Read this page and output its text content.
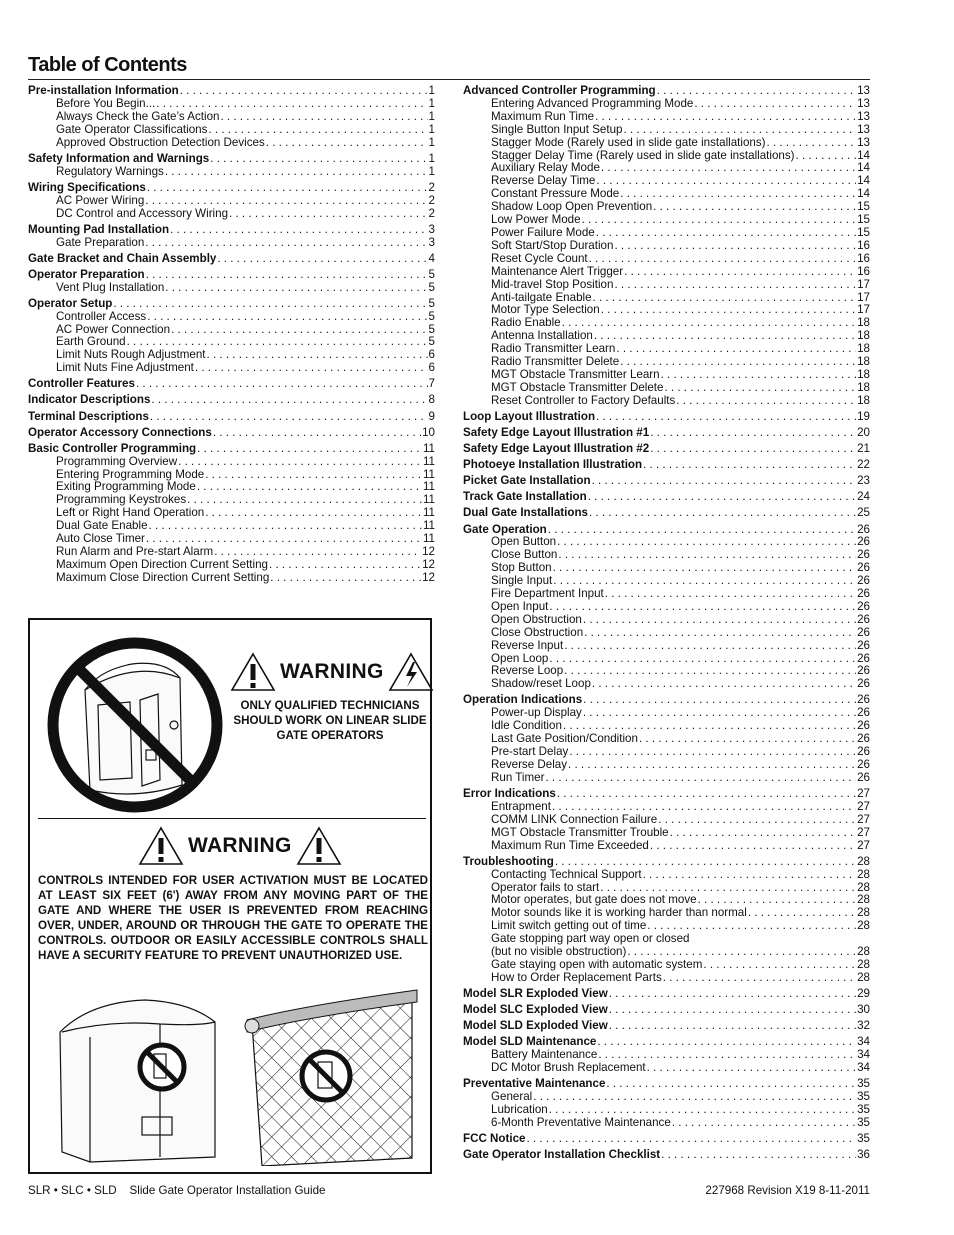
Table of Contents
Pre-installation Information . . .	1
Before You Begin... . . .	1
Always Check the Gate’s Action . . .	1
Gate Operator Classifications . . .	1
Approved Obstruction Detection Devices . . .	1
Safety Information and Warnings . . .	1
Regulatory Warnings . . .	1
Wiring Specifications . . .	2
AC Power Wiring . . .	2
DC Control and Accessory Wiring . . .	2
Mounting Pad Installation . . .	3
Gate Preparation . . .	3
Gate Bracket and Chain Assembly . . .	4
Operator Preparation . . .	5
Vent Plug Installation . . .	5
Operator Setup . . .	5
Controller Access . . .	5
AC Power Connection . . .	5
Earth Ground . . .	5
Limit Nuts Rough Adjustment . . .	6
Limit Nuts Fine Adjustment . . .	6
Controller Features . . .	7
Indicator Descriptions . . .	8
Terminal Descriptions . . .	9
Operator Accessory Connections . . .	10
Basic Controller Programming . . .	11
Programming Overview . . .	11
Entering Programming Mode . . .	11
Exiting Programming Mode . . .	11
Programming Keystrokes . . .	11
Left or Right Hand Operation . . .	11
Dual Gate Enable . . .	11
Auto Close Timer . . .	11
Run Alarm and Pre-start Alarm . . .	12
Maximum Open Direction Current Setting . . .	12
Maximum Close Direction Current Setting . . .	12
Advanced Controller Programming . . .	13
Entering Advanced Programming Mode . . .	13
Maximum Run Time . . .	13
Single Button Input Setup . . .	13
Stagger Mode (Rarely used in slide gate installations) . . .	13
Stagger Delay Time (Rarely used in slide gate installations) . . .	14
Auxiliary Relay Mode . . .	14
Reverse Delay Time . . .	14
Constant Pressure Mode . . .	14
Shadow Loop Open Prevention . . .	15
Low Power Mode . . .	15
Power Failure Mode . . .	15
Soft Start/Stop Duration . . .	16
Reset Cycle Count . . .	16
Maintenance Alert Trigger . . .	16
Mid-travel Stop Position . . .	17
Anti-tailgate Enable . . .	17
Motor Type Selection . . .	17
Radio Enable . . .	18
Antenna Installation . . .	18
Radio Transmitter Learn . . .	18
Radio Transmitter Delete . . .	18
MGT Obstacle Transmitter Learn . . .	18
MGT Obstacle Transmitter Delete . . .	18
Reset Controller to Factory Defaults . . .	18
Loop Layout Illustration . . .	19
Safety Edge Layout Illustration #1 . . .	20
Safety Edge Layout Illustration #2 . . .	21
Photoeye Installation Illustration . . .	22
Picket Gate Installation . . .	23
Track Gate Installation . . .	24
Dual Gate Installations . . .	25
Gate Operation . . .	26
Open Button . . .	26
Close Button . . .	26
Stop Button . . .	26
Single Input . . .	26
Fire Department Input . . .	26
Open Input . . .	26
Open Obstruction . . .	26
Close Obstruction . . .	26
Reverse Input . . .	26
Open Loop . . .	26
Reverse Loop . . .	26
Shadow/reset Loop . . .	26
Operation Indications . . .	26
Power-up Display . . .	26
Idle Condition . . .	26
Last Gate Position/Condition . . .	26
Pre-start Delay . . .	26
Reverse Delay . . .	26
Run Timer . . .	26
Error Indications . . .	27
Entrapment . . .	27
COMM LINK Connection Failure . . .	27
MGT Obstacle Transmitter Trouble . . .	27
Maximum Run Time Exceeded . . .	27
Troubleshooting . . .	28
Contacting Technical Support . . .	28
Operator fails to start . . .	28
Motor operates, but gate does not move . . .	28
Motor sounds like it is working harder than normal . . .	28
Limit switch getting out of time . . .	28
Gate stopping part way open or closed
(but no visible obstruction) . . .	28
Gate staying open with automatic system . . .	28
How to Order Replacement Parts . . .	28
Model SLR Exploded View . . .	29
Model SLC Exploded View . . .	30
Model SLD Exploded View . . .	32
Model SLD Maintenance . . .	34
Battery Maintenance . . .	34
DC Motor Brush Replacement . . .	34
Preventative Maintenance . . .	35
General . . .	35
Lubrication . . .	35
6-Month Preventative Maintenance . . .	35
FCC Notice . . .	35
Gate Operator Installation Checklist . . .	36
WARNING
ONLY QUALIFIED TECHNICIANS SHOULD WORK ON LINEAR SLIDE GATE OPERATORS
WARNING
CONTROLS INTENDED FOR USER ACTIVATION MUST BE LOCATED AT LEAST SIX FEET (6') AWAY FROM ANY MOVING PART OF THE GATE AND WHERE THE USER IS PREVENTED FROM REACHING OVER, UNDER, AROUND OR THROUGH THE GATE TO OPERATE THE CONTROLS. OUTDOOR OR EASILY ACCESSIBLE CONTROLS SHALL HAVE A SECURITY FEATURE TO PREVENT UNAUTHORIZED USE.
SLR • SLC • SLD    Slide Gate Operator Installation Guide	227968 Revision X19 8-11-2011
